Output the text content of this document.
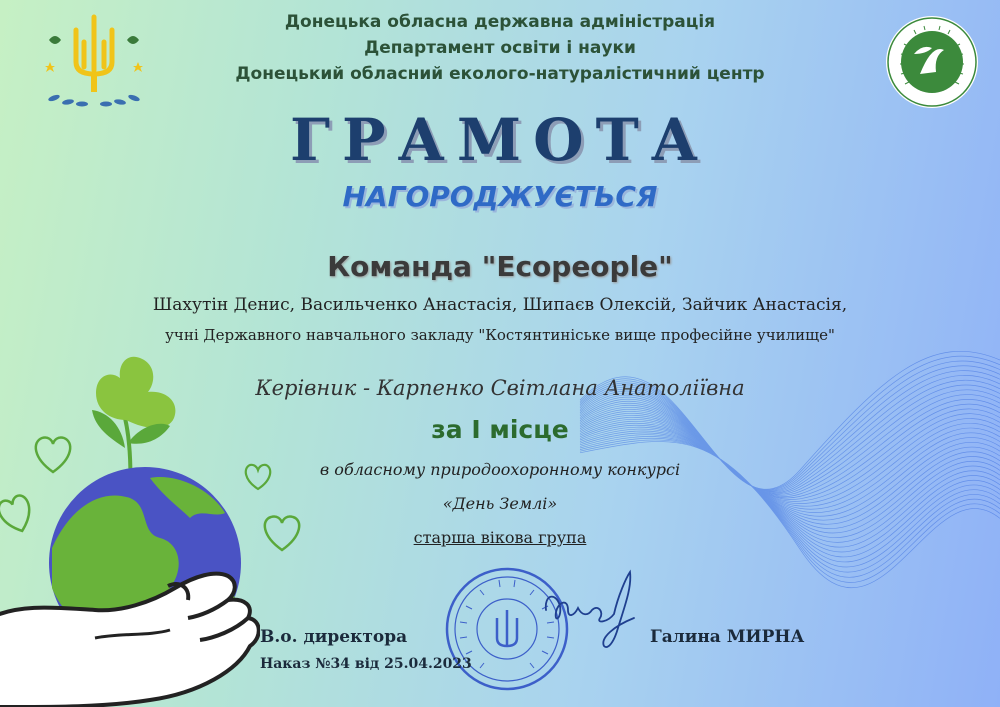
Донецька обласна державна адміністрація
Департамент освіти і науки
Донецький обласний еколого-натуралістичний центр
ГРАМОТА
НАГОРОДЖУЄТЬСЯ
Команда "Ecopeople"
Шахутін Денис, Васильченко Анастасія, Шипаєв Олексій, Зайчик Анастасія,
учні Державного навчального закладу "Костянтиніське вище професійне училище"
Керівник - Карпенко Світлана Анатоліївна
за І місце
в обласному природоохоронному конкурсі
«День Землі»
старша вікова група
В.о. директора	Галина МИРНА
Наказ №34 від 25.04.2023
